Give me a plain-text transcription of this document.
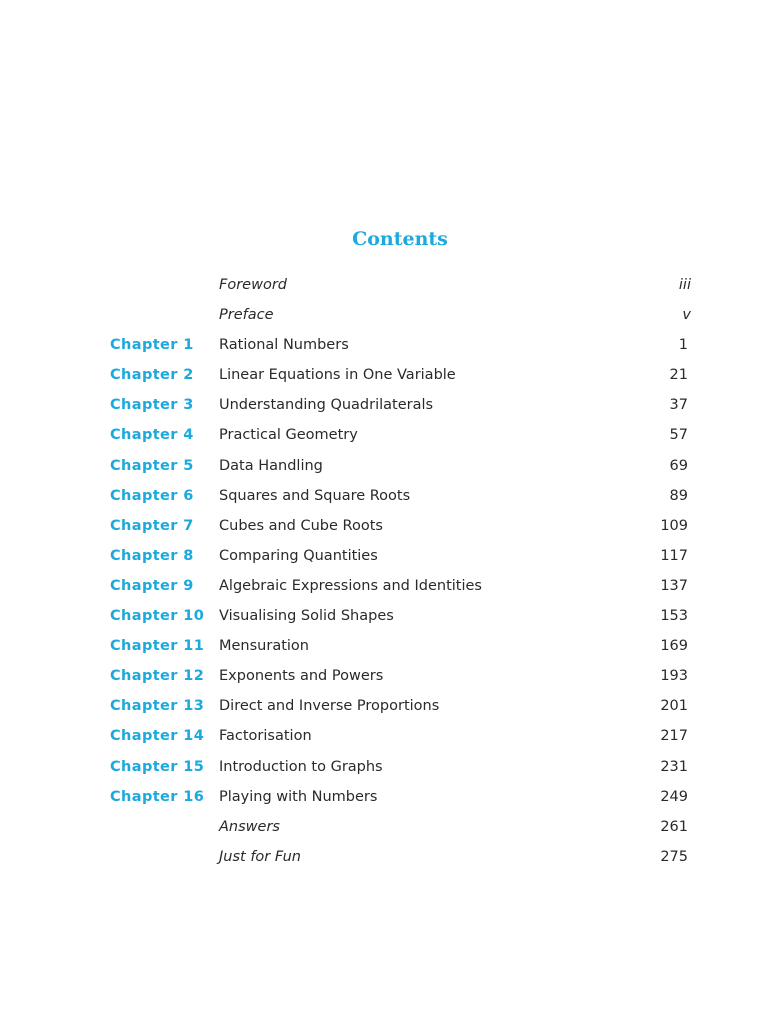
Contents
Foreword	iii
Preface	v
Chapter 1 Rational Numbers	1
Chapter 2 Linear Equations in One Variable	21
Chapter 3 Understanding Quadrilaterals	37
Chapter 4 Practical Geometry	57
Chapter 5 Data Handling	69
Chapter 6 Squares and Square Roots	89
Chapter 7 Cubes and Cube Roots	109
Chapter 8 Comparing Quantities	117
Chapter 9 Algebraic Expressions and Identities	137
Chapter 10 Visualising Solid Shapes	153
Chapter 11 Mensuration	169
Chapter 12 Exponents and Powers	193
Chapter 13 Direct and Inverse Proportions	201
Chapter 14 Factorisation	217
Chapter 15 Introduction to Graphs	231
Chapter 16 Playing with Numbers	249
Answers	261
Just for Fun	275
